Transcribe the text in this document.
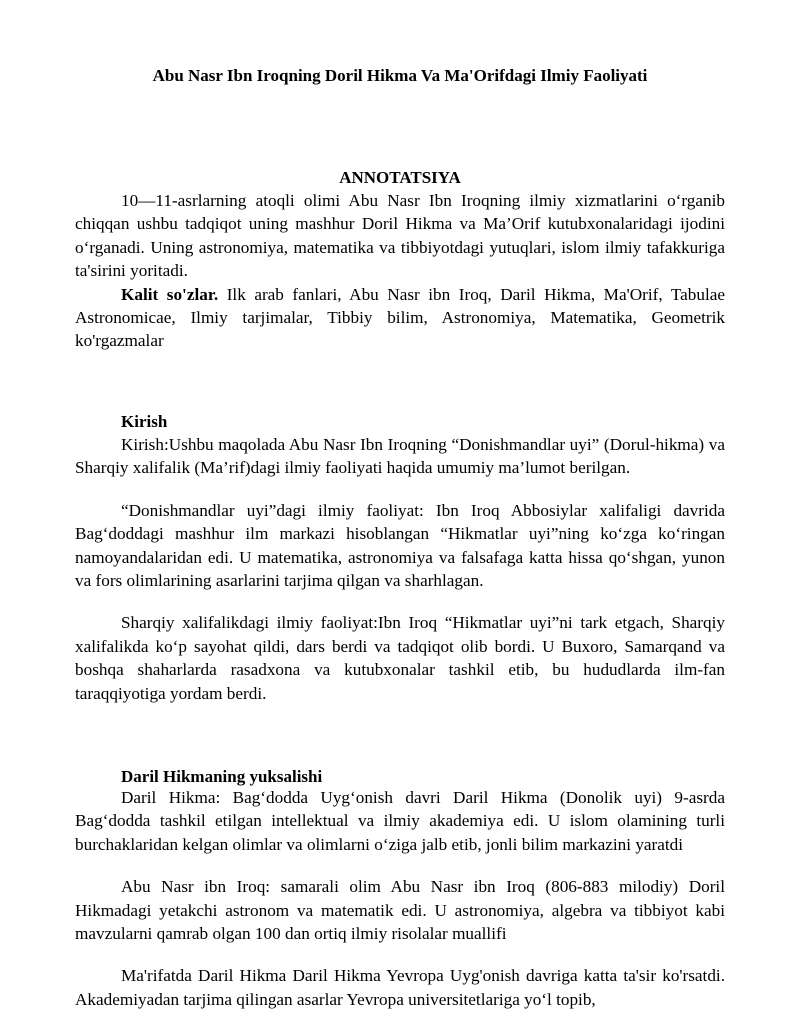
Abu Nasr Ibn Iroqning Doril Hikma Va Ma'Orifdagi Ilmiy Faoliyati
ANNOTATSIYA

10—11-asrlarning atoqli olimi Abu Nasr Ibn Iroqning ilmiy xizmatlarini o‘rganib chiqqan ushbu tadqiqot uning mashhur Doril Hikma va Ma’Orif kutubxonalaridagi ijodini o‘rganadi. Uning astronomiya, matematika va tibbiyotdagi yutuqlari, islom ilmiy tafakkuriga ta'sirini yoritadi.

Kalit so'zlar. Ilk arab fanlari, Abu Nasr ibn Iroq, Daril Hikma, Ma'Orif, Tabulae Astronomicae, Ilmiy tarjimalar, Tibbiy bilim, Astronomiya, Matematika, Geometrik ko'rgazmalar

Kirish

Kirish:Ushbu maqolada Abu Nasr Ibn Iroqning “Donishmandlar uyi” (Dorul-hikma) va Sharqiy xalifalik (Ma’rif)dagi ilmiy faoliyati haqida umumiy ma’lumot berilgan.

“Donishmandlar uyi”dagi ilmiy faoliyat: Ibn Iroq Abbosiylar xalifaligi davrida Bag‘doddagi mashhur ilm markazi hisoblangan “Hikmatlar uyi”ning ko‘zga ko‘ringan namoyandalaridan edi. U matematika, astronomiya va falsafaga katta hissa qo‘shgan, yunon va fors olimlarining asarlarini tarjima qilgan va sharhlagan.

Sharqiy xalifalikdagi ilmiy faoliyat:Ibn Iroq “Hikmatlar uyi”ni tark etgach, Sharqiy xalifalikda ko‘p sayohat qildi, dars berdi va tadqiqot olib bordi. U Buxoro, Samarqand va boshqa shaharlarda rasadxona va kutubxonalar tashkil etib, bu hududlarda ilm-fan taraqqiyotiga yordam berdi.

Daril Hikmaning yuksalishi

Daril Hikma: Bag‘dodda Uyg‘onish davri Daril Hikma (Donolik uyi) 9-asrda Bag‘dodda tashkil etilgan intellektual va ilmiy akademiya edi. U islom olamining turli burchaklaridan kelgan olimlar va olimlarni o‘ziga jalb etib, jonli bilim markazini yaratdi

Abu Nasr ibn Iroq: samarali olim Abu Nasr ibn Iroq (806-883 milodiy) Doril Hikmadagi yetakchi astronom va matematik edi. U astronomiya, algebra va tibbiyot kabi mavzularni qamrab olgan 100 dan ortiq ilmiy risolalar muallifi

Ma'rifatda Daril Hikma Daril Hikma Yevropa Uyg'onish davriga katta ta'sir ko'rsatdi. Akademiyadan tarjima qilingan asarlar Yevropa universitetlariga yo‘l topib,
